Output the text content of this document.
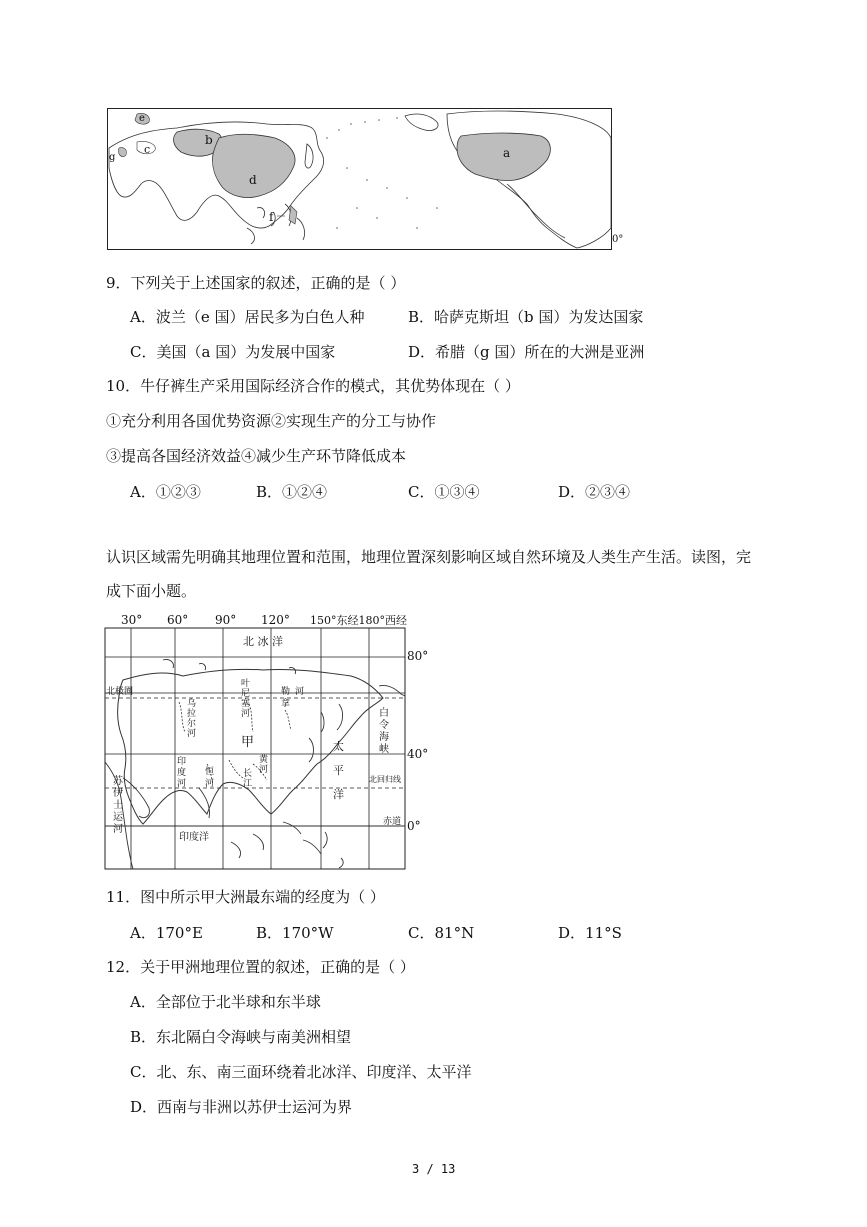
a
b
c
d
e
f
g
0°
9．下列关于上述国家的叙述，正确的是（ ）
A．波兰（e 国）居民多为白色人种	B．哈萨克斯坦（b 国）为发达国家
C．美国（a 国）为发展中国家	D．希腊（g 国）所在的大洲是亚洲
10．牛仔裤生产采用国际经济合作的模式，其优势体现在（ ）
①充分利用各国优势资源②实现生产的分工与协作
③提高各国经济效益④减少生产环节降低成本
A．①②③	B．①②④	C．①③④	D．②③④
认识区域需先明确其地理位置和范围，地理位置深刻影响区域自然环境及人类生产生活。读图，完
成下面小题。
30° 60° 90° 120° 150°东经180°西经
80°
40°
0°
北 冰 洋
北极圈
甲
印度洋
北回归线
赤道
太
平
洋
白
令
海
峡
苏
伊
士
运
河
乌
拉
尔
河
叶
尼
塞
河
勒
拿
河
印
度
河
恒
河
黄
河
长
江
11．图中所示甲大洲最东端的经度为（ ）
A．170°E	B．170°W	C．81°N	D．11°S
12．关于甲洲地理位置的叙述，正确的是（ ）
A．全部位于北半球和东半球
B．东北隔白令海峡与南美洲相望
C．北、东、南三面环绕着北冰洋、印度洋、太平洋
D．西南与非洲以苏伊士运河为界
3 / 13
